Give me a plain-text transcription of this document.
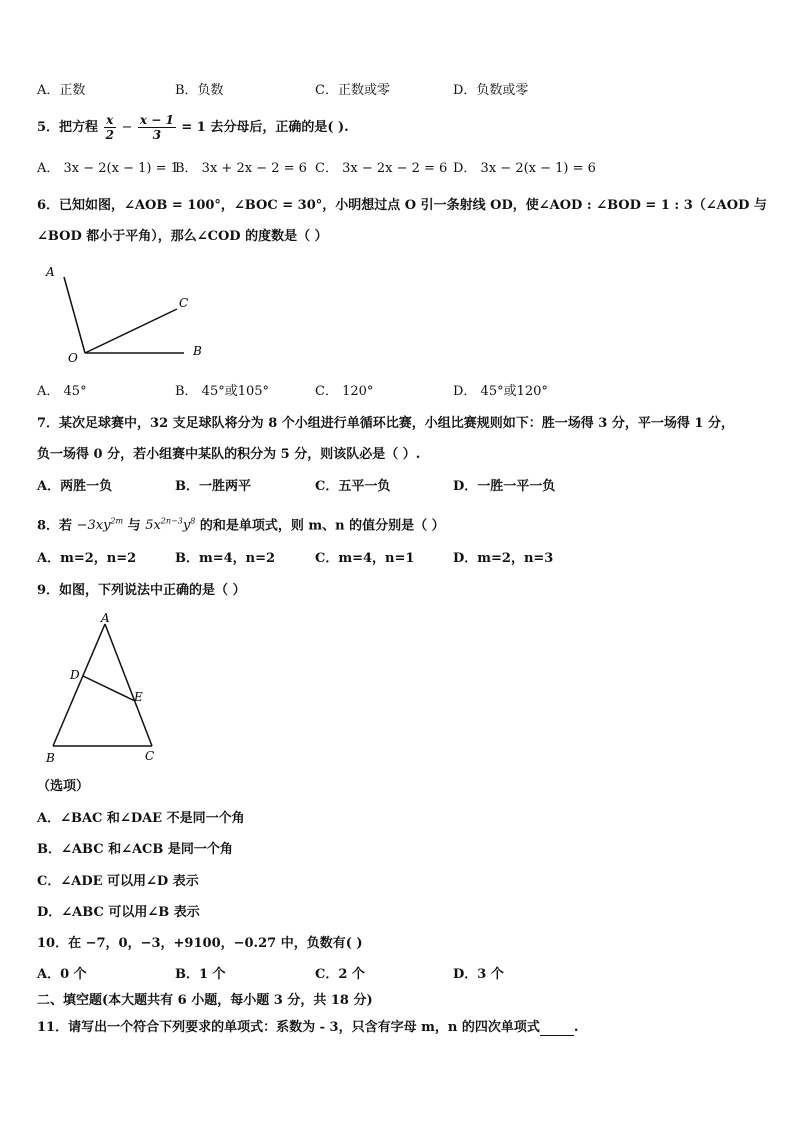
A．正数	B．负数	C．正数或零	D．负数或零
5．把方程 $\frac{x}{2} - \frac{x - 1}{3} = 1$ 去分母后，正确的是( ).
A． 3x − 2(x − 1) = 1
B． 3x + 2x − 2 = 6 C． 3x − 2x − 2 = 6 D． 3x − 2(x − 1) = 6
6．已知如图，∠AOB = 100°，∠BOC = 30°，小明想过点 O 引一条射线 OD，使∠AOD : ∠BOD = 1 : 3（∠AOD 与
∠BOD 都小于平角），那么∠COD 的度数是（ ）
A
C
O	B
A． 45°	B． 45°或105°	C． 120°	D． 45°或120°
7．某次足球赛中，32 支足球队将分为 8 个小组进行单循环比赛，小组比赛规则如下：胜一场得 3 分，平一场得 1 分，
负一场得 0 分，若小组赛中某队的积分为 5 分，则该队必是（ ）.
A．两胜一负	B．一胜两平	C．五平一负	D．一胜一平一负
8．若 $-3xy^{2m}$ 与 $5x^{2n-3}y^8$ 的和是单项式，则 m、n 的值分别是（ ）
A．m=2，n=2	B．m=4，n=2	C．m=4，n=1	D．m=2，n=3
9．如图，下列说法中正确的是（ ）
A
D
E
B	C
（选项）
A．∠BAC 和∠DAE 不是同一个角
B．∠ABC 和∠ACB 是同一个角
C．∠ADE 可以用∠D 表示
D．∠ABC 可以用∠B 表示
10．在 −7，0，−3，+9100，−0.27 中，负数有( )
A．0 个	B．1 个	C．2 个	D．3 个
二、填空题(本大题共有 6 小题，每小题 3 分，共 18 分)
11．请写出一个符合下列要求的单项式：系数为 - 3，只含有字母 m，n 的四次单项式	.
